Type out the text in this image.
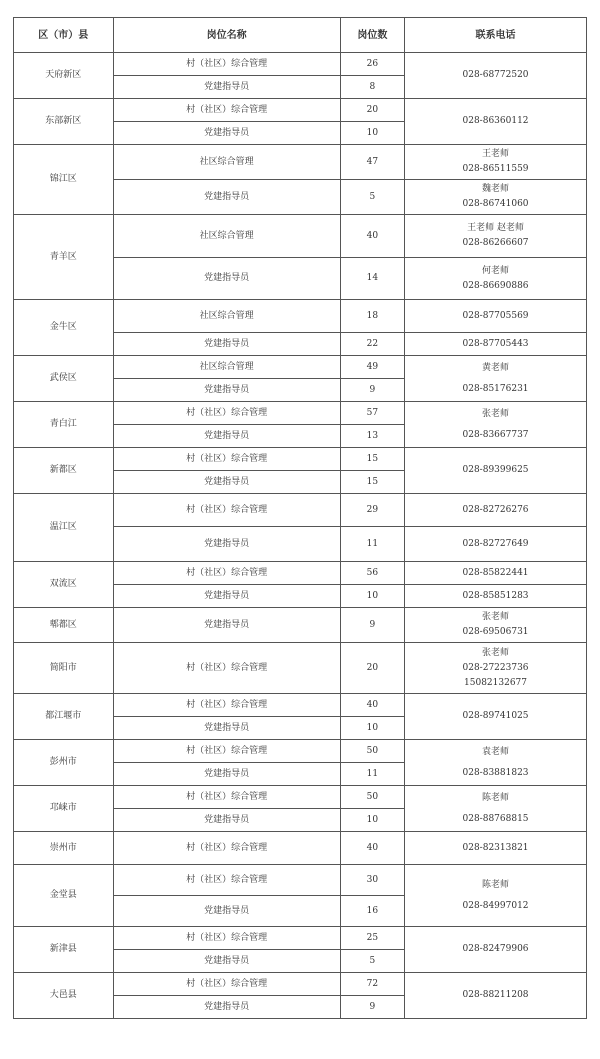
区（市）县	岗位名称	岗位数	联系电话
天府新区	村（社区）综合管理	26	028-68772520

	党建指导员	8	
东部新区	村（社区）综合管理	20	028-86360112

	党建指导员	10	
锦江区	社区综合管理	47	王老师
028-86511559

	党建指导员	5	魏老师
028-86741060

青羊区	社区综合管理	40	王老师 赵老师
028-86266607

	党建指导员	14	何老师
028-86690886

金牛区	社区综合管理	18	028-87705569

	党建指导员	22	028-87705443

武侯区	社区综合管理	49	黄老师
028-85176231

	党建指导员	9	
青白江	村（社区）综合管理	57	张老师
028-83667737

	党建指导员	13	
新都区	村（社区）综合管理	15	028-89399625

	党建指导员	15	
温江区	村（社区）综合管理	29	028-82726276

	党建指导员	11	028-82727649

双流区	村（社区）综合管理	56	028-85822441

	党建指导员	10	028-85851283

郫都区	党建指导员	9	张老师
028-69506731

简阳市	村（社区）综合管理	20	张老师
028-27223736
15082132677

都江堰市	村（社区）综合管理	40	028-89741025

	党建指导员	10	
彭州市	村（社区）综合管理	50	袁老师
028-83881823

	党建指导员	11	
邛崃市	村（社区）综合管理	50	陈老师
028-88768815

	党建指导员	10	
崇州市	村（社区）综合管理	40	028-82313821

金堂县	村（社区）综合管理	30	陈老师
028-84997012

	党建指导员	16	
新津县	村（社区）综合管理	25	028-82479906

	党建指导员	5	
大邑县	村（社区）综合管理	72	028-88211208

	党建指导员	9	
